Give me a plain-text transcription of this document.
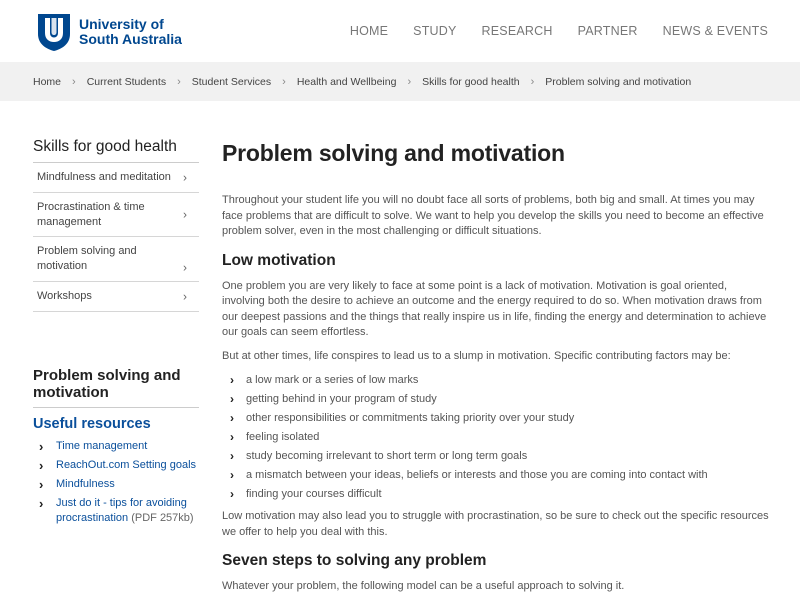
University of
South Australia	HOME STUDY RESEARCH PARTNER NEWS & EVENTS
Home › Current Students › Student Services › Health and Wellbeing › Skills for good health › Problem solving and motivation
Skills for good health
Mindfulness and meditation ›
Procrastination & time management
›
Problem solving and motivation	›
Workshops	›
Problem solving and motivation
Useful resources
› Time management
› ReachOut.com Setting goals
› Mindfulness
› Just do it - tips for avoiding procrastination (PDF 257kb)
Problem solving and motivation

Throughout your student life you will no doubt face all sorts of problems, both big and small. At times you may face problems that are difficult to solve. We want to help you develop the skills you need to become an effective problem solver, even in the most challenging or difficult situations.

Low motivation

One problem you are very likely to face at some point is a lack of motivation. Motivation is goal oriented, involving both the desire to achieve an outcome and the energy required to do so. When motivation draws from our deepest passions and the things that really inspire us in life, finding the energy and determination to achieve our goals can seem effortless.

But at other times, life conspires to lead us to a slump in motivation. Specific contributing factors may be:

› a low mark or a series of low marks
› getting behind in your program of study
› other responsibilities or commitments taking priority over your study
› feeling isolated
› study becoming irrelevant to short term or long term goals
› a mismatch between your ideas, beliefs or interests and those you are coming into contact with
› finding your courses difficult

Low motivation may also lead you to struggle with procrastination, so be sure to check out the specific resources we offer to help you deal with this.

Seven steps to solving any problem

Whatever your problem, the following model can be a useful approach to solving it.
